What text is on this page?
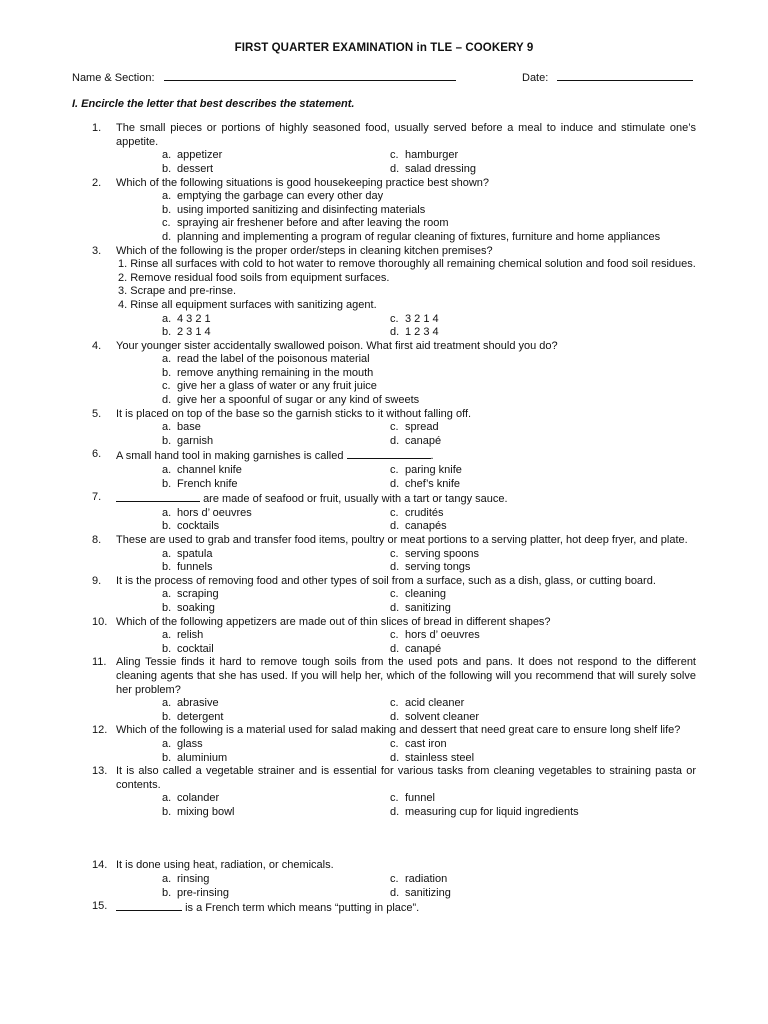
FIRST QUARTER EXAMINATION in TLE – COOKERY 9
Name & Section:	Date:
I. Encircle the letter that best describes the statement.
1. The small pieces or portions of highly seasoned food, usually served before a meal to induce and stimulate one’s appetite.
a. appetizer	c. hamburger
b. dessert	d. salad dressing
2. Which of the following situations is good housekeeping practice best shown?
a. emptying the garbage can every other day
b. using imported sanitizing and disinfecting materials
c. spraying air freshener before and after leaving the room
d. planning and implementing a program of regular cleaning of fixtures, furniture and home appliances
3. Which of the following is the proper order/steps in cleaning kitchen premises?
1. Rinse all surfaces with cold to hot water to remove thoroughly all remaining chemical solution and food soil residues.
2. Remove residual food soils from equipment surfaces.
3. Scrape and pre-rinse.
4. Rinse all equipment surfaces with sanitizing agent.
a. 4 3 2 1	c. 3 2 1 4
b. 2 3 1 4	d. 1 2 3 4
4. Your younger sister accidentally swallowed poison. What first aid treatment should you do?
a. read the label of the poisonous material
b. remove anything remaining in the mouth
c. give her a glass of water or any fruit juice
d. give her a spoonful of sugar or any kind of sweets
5. It is placed on top of the base so the garnish sticks to it without falling off.
a. base	c. spread
b. garnish	d. canapé
6. A small hand tool in making garnishes is called	.
a. channel knife	c. paring knife
b. French knife	d. chef’s knife
7.	are made of seafood or fruit, usually with a tart or tangy sauce.
a. hors d’ oeuvres	c. crudités
b. cocktails	d. canapés
8. These are used to grab and transfer food items, poultry or meat portions to a serving platter, hot deep fryer, and plate.
a. spatula	c. serving spoons
b. funnels	d. serving tongs
9. It is the process of removing food and other types of soil from a surface, such as a dish, glass, or cutting board.
a. scraping	c. cleaning
b. soaking	d. sanitizing
10. Which of the following appetizers are made out of thin slices of bread in different shapes?
a. relish	c. hors d’ oeuvres
b. cocktail	d. canapé
11. Aling Tessie finds it hard to remove tough soils from the used pots and pans. It does not respond to the different cleaning agents that she has used. If you will help her, which of the following will you recommend that will surely solve her problem?
a. abrasive	c. acid cleaner
b. detergent	d. solvent cleaner
12. Which of the following is a material used for salad making and dessert that need great care to ensure long shelf life?
a. glass	c. cast iron
b. aluminium	d. stainless steel
13. It is also called a vegetable strainer and is essential for various tasks from cleaning vegetables to straining pasta or contents.
a. colander	c. funnel
b. mixing bowl	d. measuring cup for liquid ingredients
14. It is done using heat, radiation, or chemicals.
a. rinsing	c. radiation
b. pre-rinsing	d. sanitizing
15.	is a French term which means “putting in place”.
